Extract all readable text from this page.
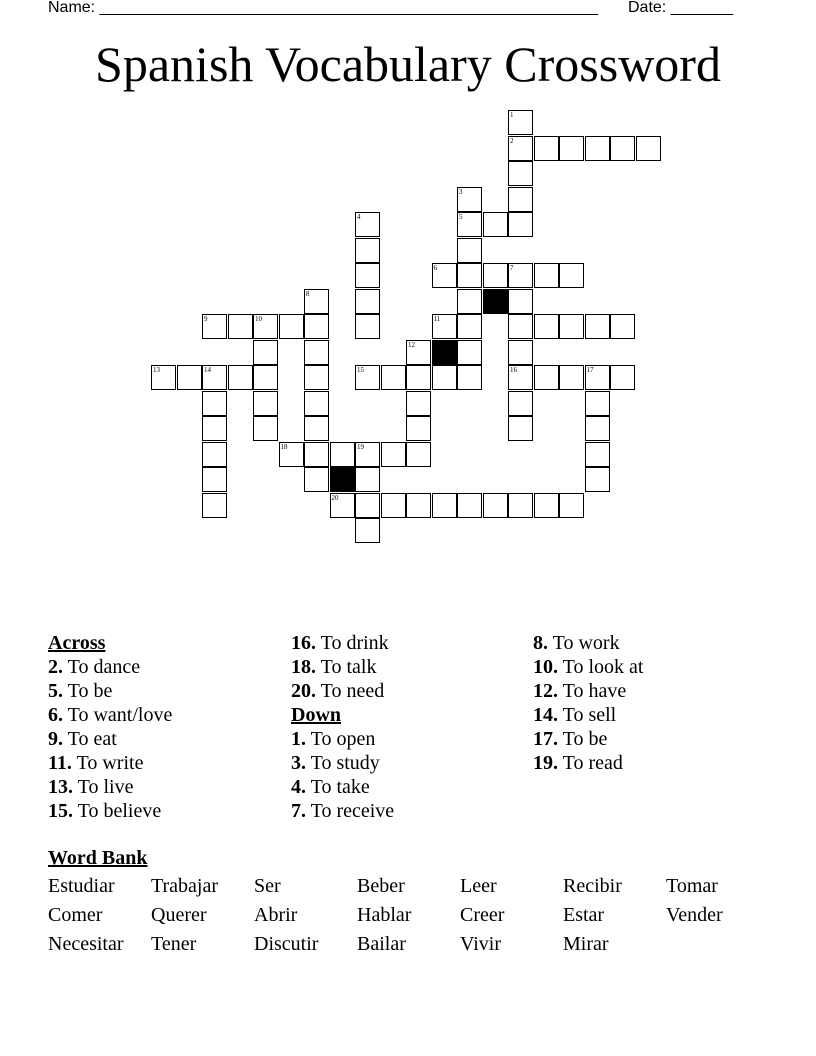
Name: ________________________________________________________ Date: _______
Spanish Vocabulary Crossword
1
2
3
4	5
6	7
8
9	10	11
12
13	14	15	16	17
18	19
20
Across
2. To dance
5. To be
6. To want/love
9. To eat
11. To write
13. To live
15. To believe
16. To drink
18. To talk
20. To need
Down
1. To open
3. To study
4. To take
7. To receive
8. To work
10. To look at
12. To have
14. To sell
17. To be
19. To read
Word Bank
Estudiar	Trabajar	Ser	Beber	Leer	Recibir	Tomar
Comer	Querer	Abrir	Hablar	Creer	Estar	Vender
Necesitar	Tener	Discutir	Bailar	Vivir	Mirar
